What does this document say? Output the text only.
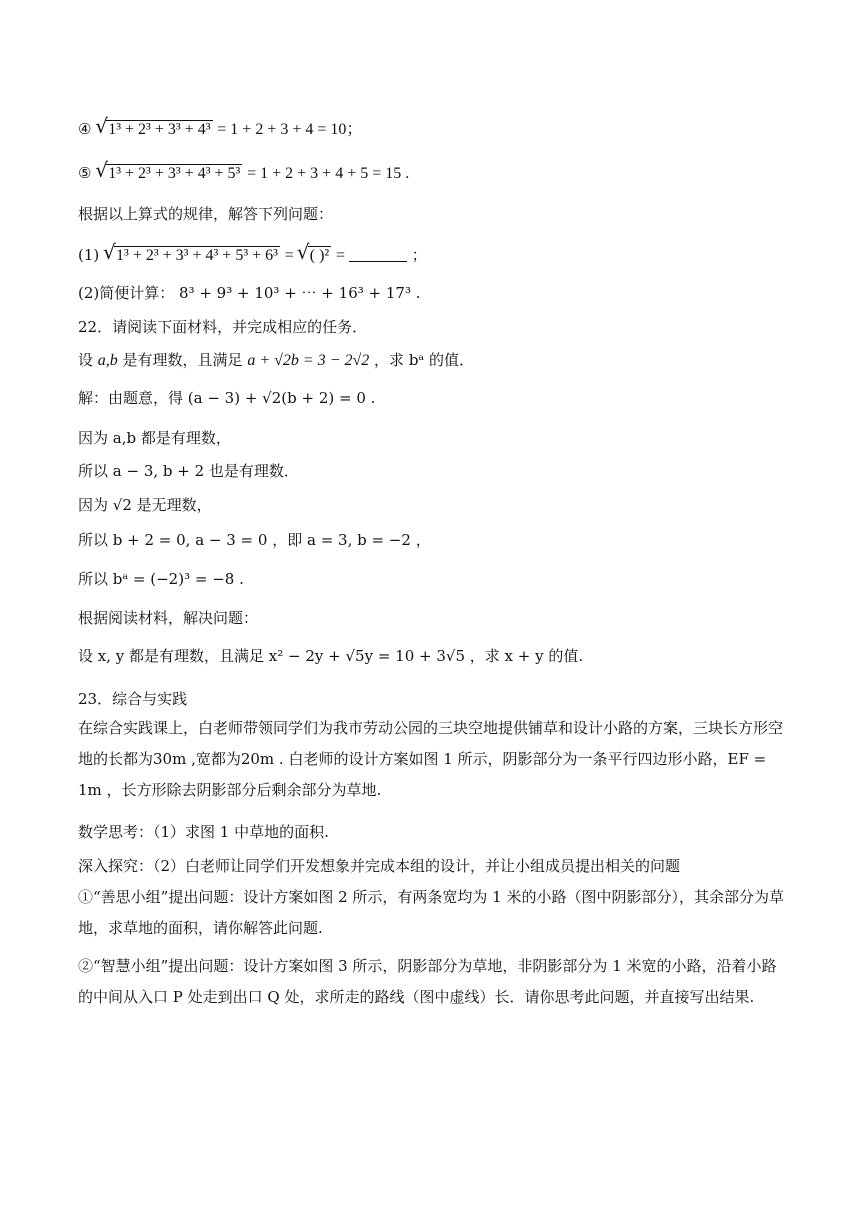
④ √ 1³ + 2³ + 3³ + 4³ = 1 + 2 + 3 + 4 = 10；
⑤ √ 1³ + 2³ + 3³ + 4³ + 5³ = 1 + 2 + 3 + 4 + 5 = 15 .
根据以上算式的规律，解答下列问题：
(1) √ 1³ + 2³ + 3³ + 4³ + 5³ + 6³ = √ ( )² =	；
(2)简便计算： 8³ + 9³ + 10³ + ⋯ + 16³ + 17³ .
22．请阅读下面材料，并完成相应的任务．
设 a,b 是有理数，且满足 a + √2b = 3 − 2√2 ，求 bᵃ 的值．
解：由题意，得 (a − 3) + √2(b + 2) = 0 .
因为 a,b 都是有理数，
所以 a − 3, b + 2 也是有理数．
因为 √2 是无理数，
所以 b + 2 = 0, a − 3 = 0 ，即 a = 3, b = −2 ，
所以 bᵃ = (−2)³ = −8 .
根据阅读材料，解决问题：
设 x, y 都是有理数，且满足 x² − 2y + √5y = 10 + 3√5 ，求 x + y 的值.
23．综合与实践
在综合实践课上，白老师带领同学们为我市劳动公园的三块空地提供铺草和设计小路的方案，三块长方形空地的长都为30m ,宽都为20m . 白老师的设计方案如图 1 所示，阴影部分为一条平行四边形小路，EF = 1m ，长方形除去阴影部分后剩余部分为草地.
数学思考：（1）求图 1 中草地的面积.
深入探究：（2）白老师让同学们开发想象并完成本组的设计，并让小组成员提出相关的问题
①“善思小组”提出问题：设计方案如图 2 所示，有两条宽均为 1 米的小路（图中阴影部分），其余部分为草地，求草地的面积，请你解答此问题.
②“智慧小组”提出问题：设计方案如图 3 所示，阴影部分为草地，非阴影部分为 1 米宽的小路，沿着小路的中间从入口 P 处走到出口 Q 处，求所走的路线（图中虚线）长．请你思考此问题，并直接写出结果.
